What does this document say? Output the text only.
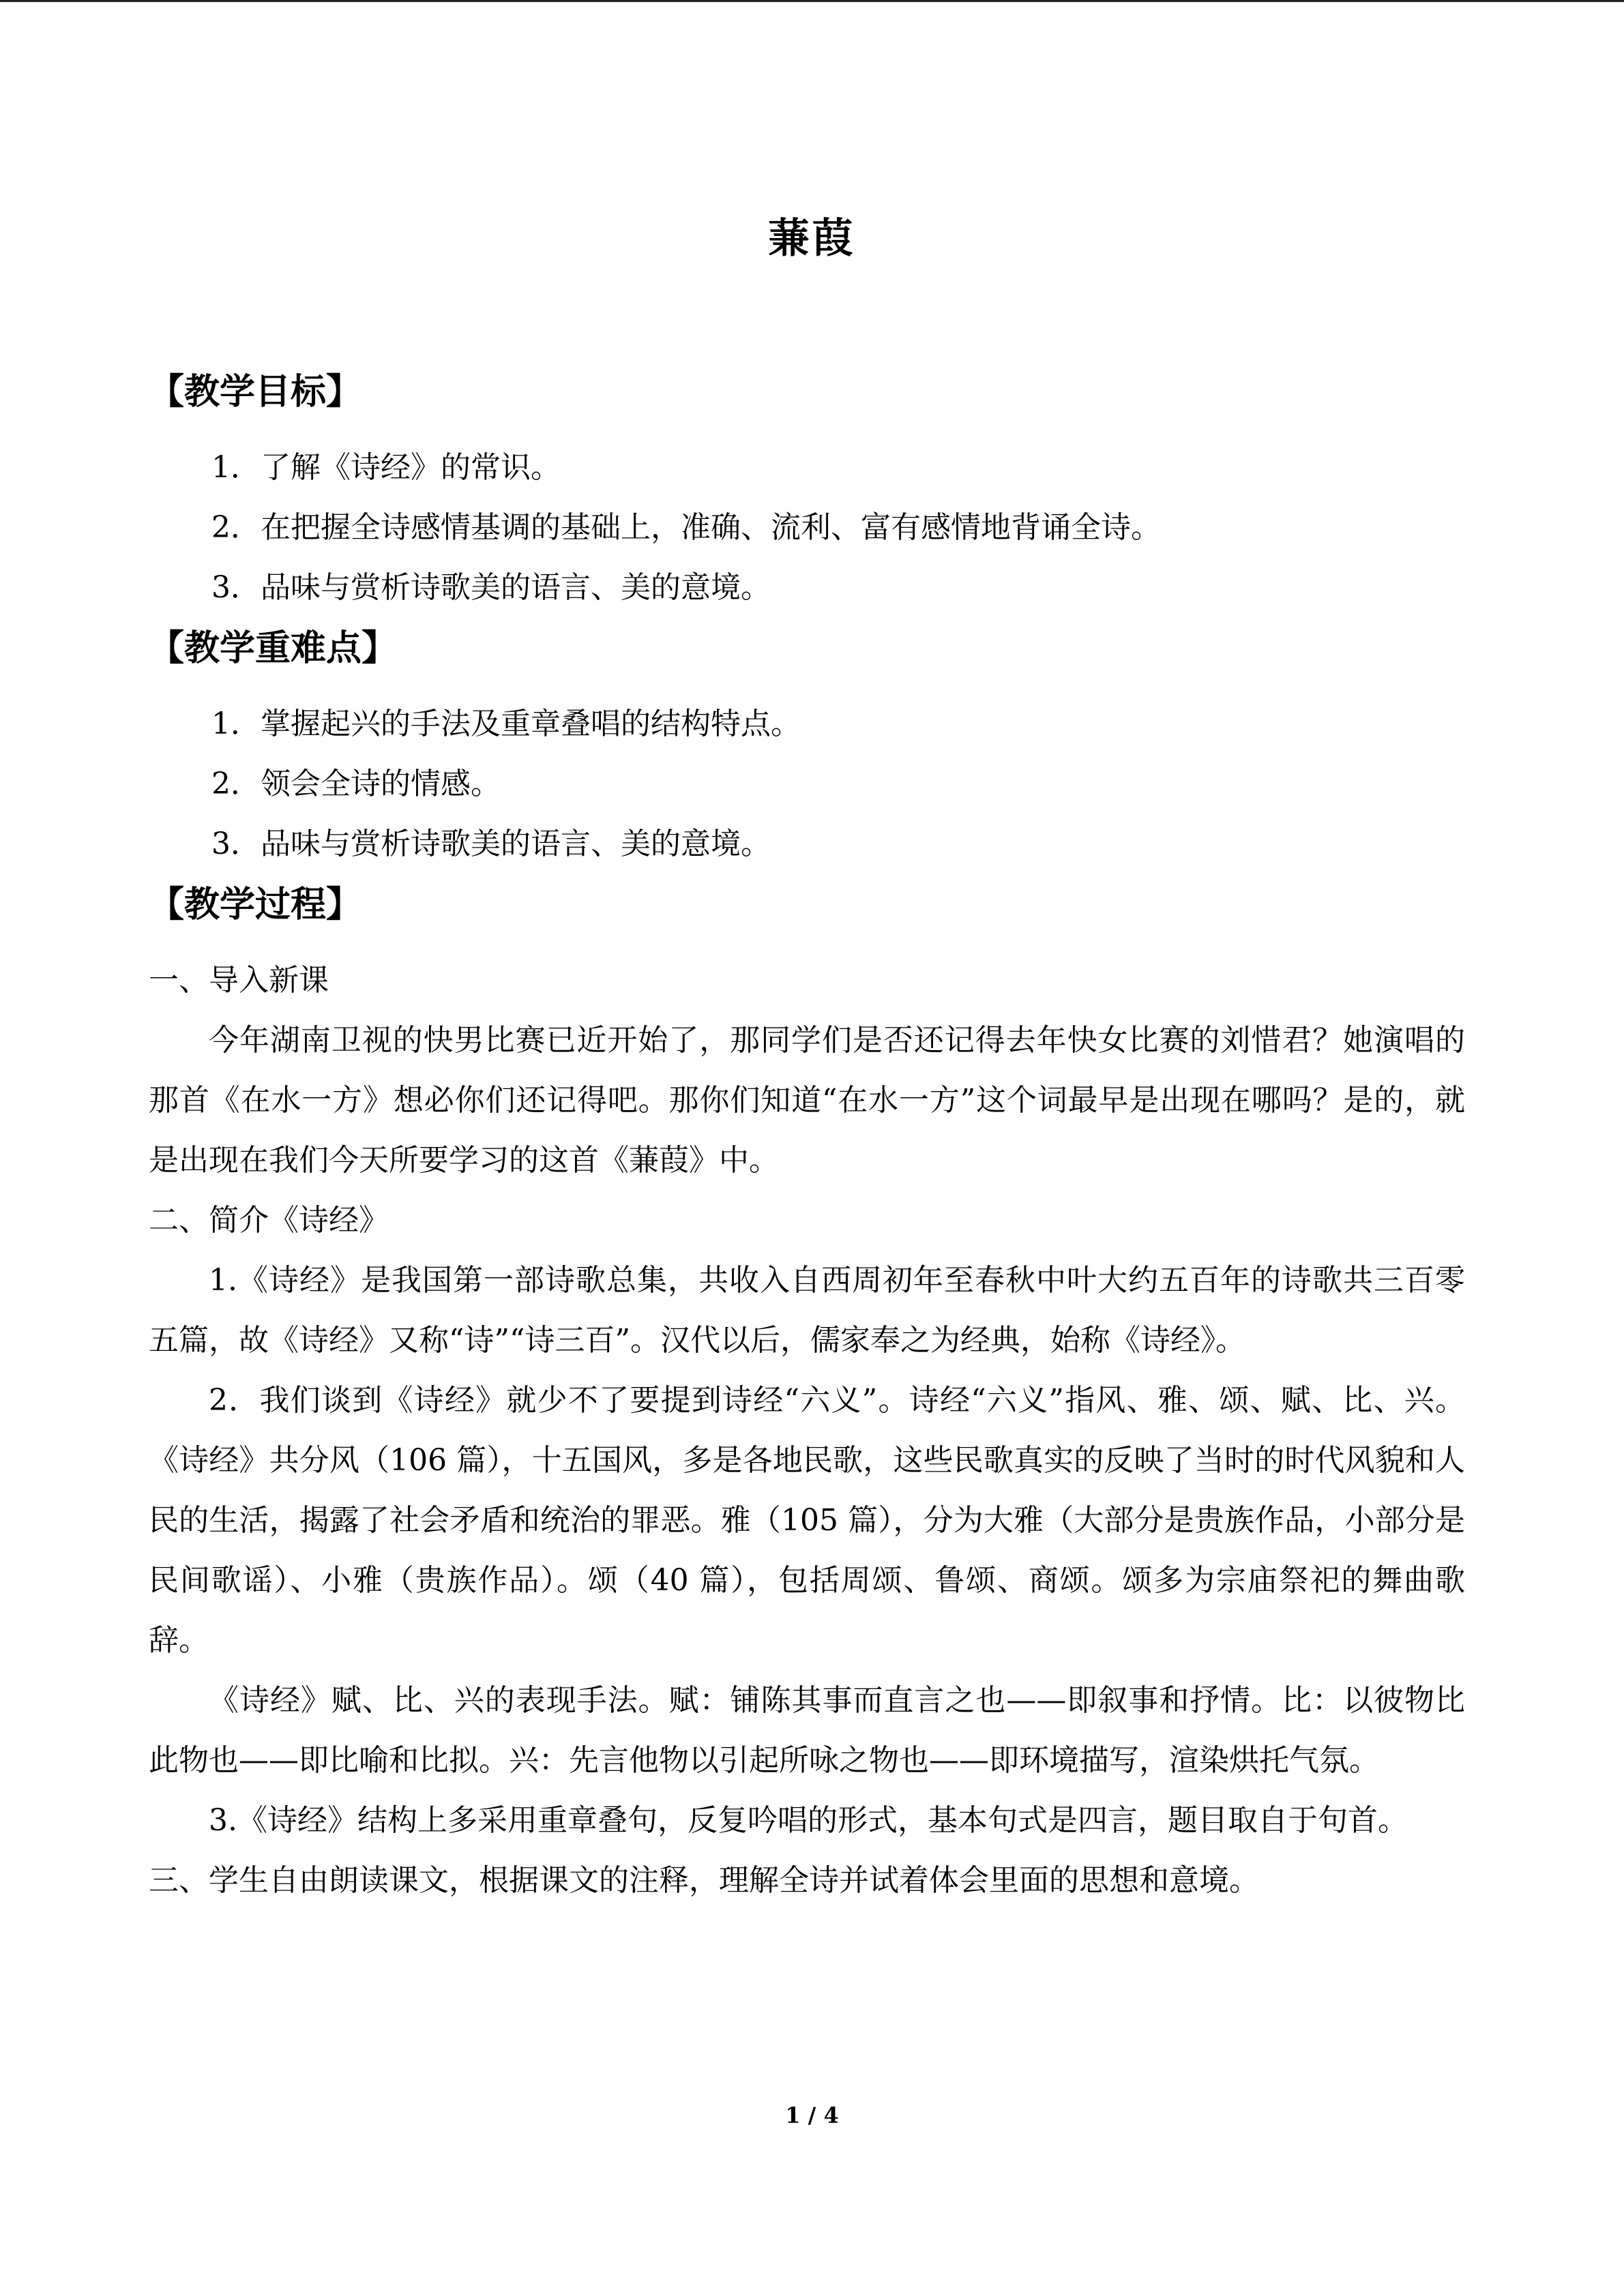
蒹葭
【教学目标】
1．了解《诗经》的常识。
2．在把握全诗感情基调的基础上，准确、流利、富有感情地背诵全诗。
3．品味与赏析诗歌美的语言、美的意境。
【教学重难点】
1．掌握起兴的手法及重章叠唱的结构特点。
2．领会全诗的情感。
3．品味与赏析诗歌美的语言、美的意境。
【教学过程】

一、导入新课

今年湖南卫视的快男比赛已近开始了，那同学们是否还记得去年快女比赛的刘惜君？她演唱的那首《在水一方》想必你们还记得吧。那你们知道“在水一方”这个词最早是出现在哪吗？是的，就是出现在我们今天所要学习的这首《蒹葭》中。

二、简介《诗经》

1.《诗经》是我国第一部诗歌总集，共收入自西周初年至春秋中叶大约五百年的诗歌共三百零五篇，故《诗经》又称“诗”“诗三百”。汉代以后，儒家奉之为经典，始称《诗经》。

2．我们谈到《诗经》就少不了要提到诗经“六义”。诗经“六义”指风、雅、颂、赋、比、兴。《诗经》共分风（106 篇），十五国风，多是各地民歌，这些民歌真实的反映了当时的时代风貌和人民的生活，揭露了社会矛盾和统治的罪恶。雅（105 篇），分为大雅（大部分是贵族作品，小部分是民间歌谣）、小雅（贵族作品）。颂（40 篇），包括周颂、鲁颂、商颂。颂多为宗庙祭祀的舞曲歌辞。

《诗经》赋、比、兴的表现手法。赋：铺陈其事而直言之也——即叙事和抒情。比：以彼物比此物也——即比喻和比拟。兴：先言他物以引起所咏之物也——即环境描写，渲染烘托气氛。

3.《诗经》结构上多采用重章叠句，反复吟唱的形式，基本句式是四言，题目取自于句首。

三、学生自由朗读课文，根据课文的注释，理解全诗并试着体会里面的思想和意境。

1 / 4
